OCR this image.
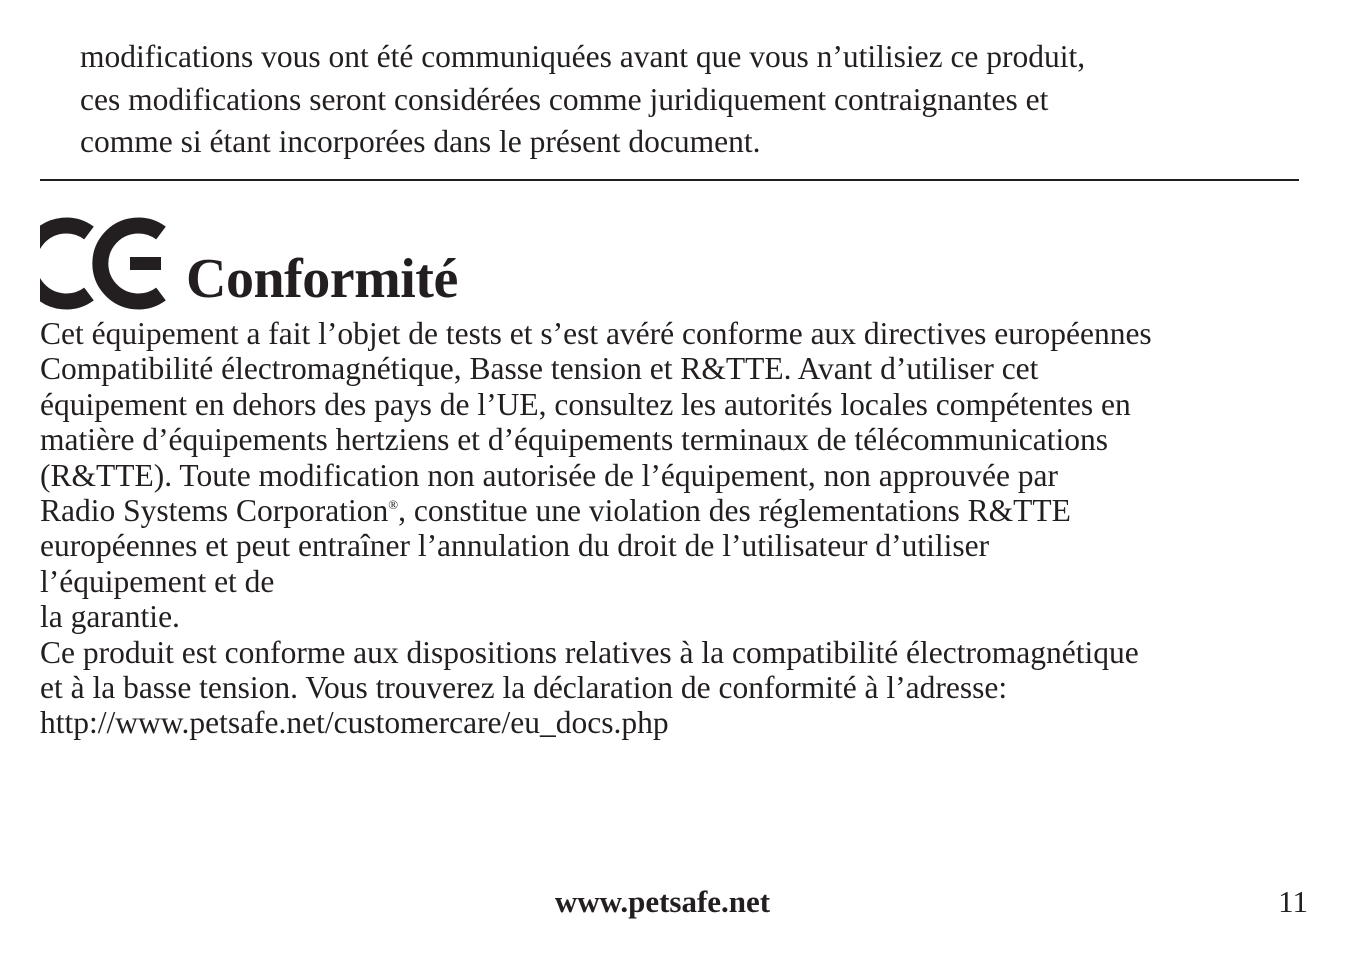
modifications vous ont été communiquées avant que vous n’utilisiez ce produit,
ces modifications seront considérées comme juridiquement contraignantes et
comme si étant incorporées dans le présent document.
Conformité
Cet équipement a fait l’objet de tests et s’est avéré conforme aux directives européennes
Compatibilité électromagnétique, Basse tension et R&TTE. Avant d’utiliser cet
équipement en dehors des pays de l’UE, consultez les autorités locales compétentes en
matière d’équipements hertziens et d’équipements terminaux de télécommunications
(R&TTE). Toute modification non autorisée de l’équipement, non approuvée par
Radio Systems Corporation®, constitue une violation des réglementations R&TTE
européennes et peut entraîner l’annulation du droit de l’utilisateur d’utiliser
l’équipement et de
la garantie.
Ce produit est conforme aux dispositions relatives à la compatibilité électromagnétique
et à la basse tension. Vous trouverez la déclaration de conformité à l’adresse:
http://www.petsafe.net/customercare/eu_docs.php
www.petsafe.net	11
